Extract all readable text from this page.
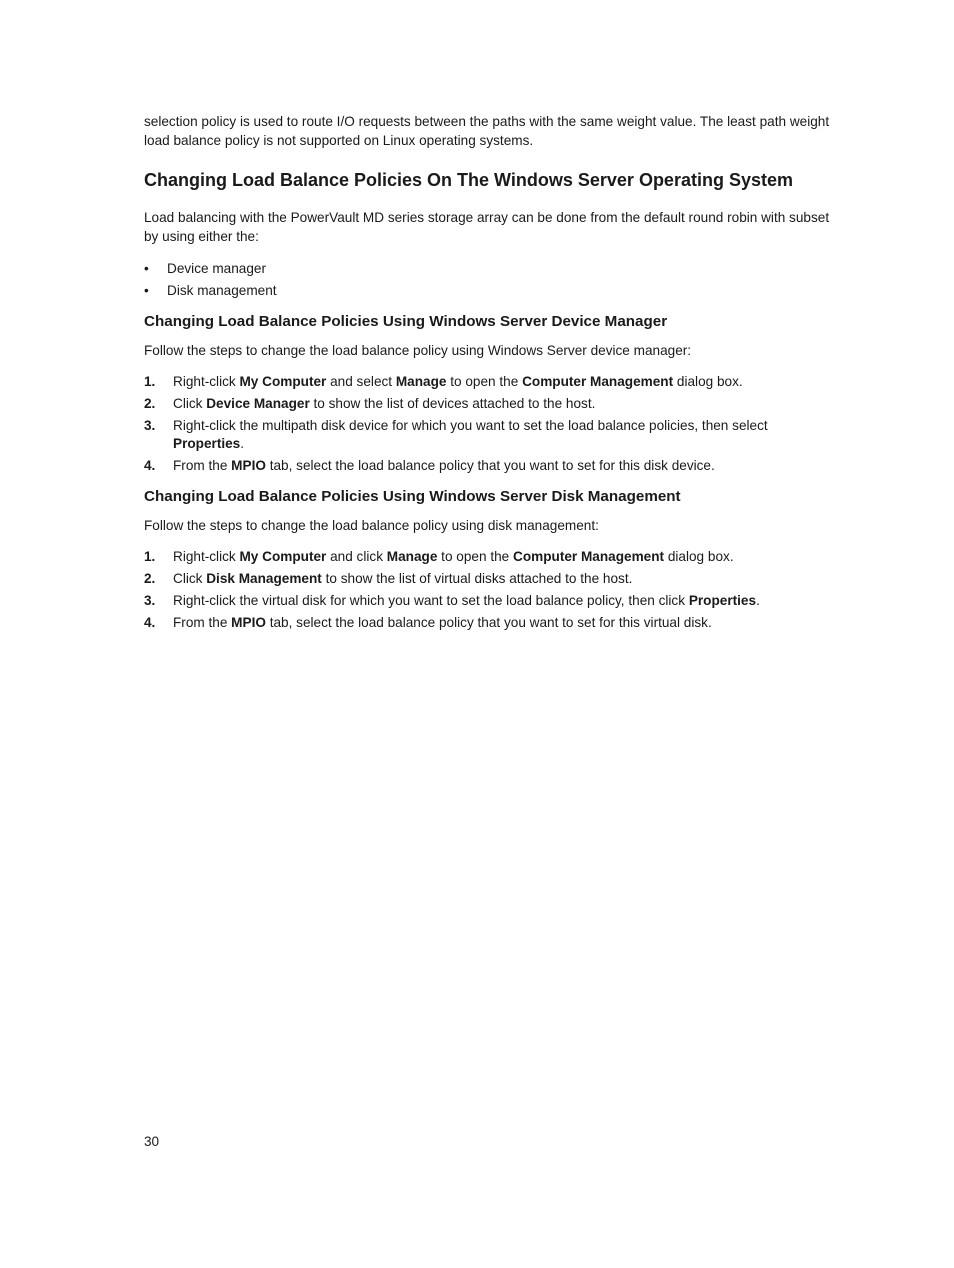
selection policy is used to route I/O requests between the paths with the same weight value. The least path weight load balance policy is not supported on Linux operating systems.

Changing Load Balance Policies On The Windows Server Operating System

Load balancing with the PowerVault MD series storage array can be done from the default round robin with subset by using either the:

• Device manager
• Disk management
Changing Load Balance Policies Using Windows Server Device Manager

Follow the steps to change the load balance policy using Windows Server device manager:

1. Right-click My Computer and select Manage to open the Computer Management dialog box.
2. Click Device Manager to show the list of devices attached to the host.
3. Right-click the multipath disk device for which you want to set the load balance policies, then select Properties.
4. From the MPIO tab, select the load balance policy that you want to set for this disk device.
Changing Load Balance Policies Using Windows Server Disk Management

Follow the steps to change the load balance policy using disk management:

1. Right-click My Computer and click Manage to open the Computer Management dialog box.
2. Click Disk Management to show the list of virtual disks attached to the host.
3. Right-click the virtual disk for which you want to set the load balance policy, then click Properties.
4. From the MPIO tab, select the load balance policy that you want to set for this virtual disk.
30
